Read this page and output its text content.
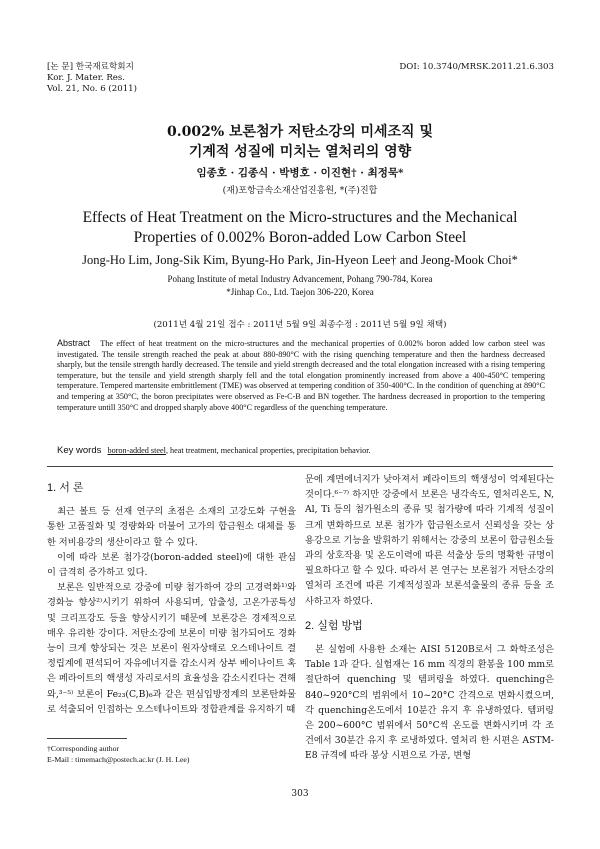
[논 문] 한국재료학회지
Kor. J. Mater. Res.
Vol. 21, No. 6 (2011)
DOI: 10.3740/MRSK.2011.21.6.303
0.002% 보론첨가 저탄소강의 미세조직 및
기계적 성질에 미치는 열처리의 영향
임종호 · 김종식 · 박병호 · 이진현† · 최정묵*
(재)포항금속소재산업진흥원, *(주)진합
Effects of Heat Treatment on the Micro-structures and the Mechanical
Properties of 0.002% Boron-added Low Carbon Steel
Jong-Ho Lim, Jong-Sik Kim, Byung-Ho Park, Jin-Hyeon Lee† and Jeong-Mook Choi*
Pohang Institute of metal Industry Advancement, Pohang 790-784, Korea
*Jinhap Co., Ltd. Taejon 306-220, Korea
(2011년 4월 21일 접수 : 2011년 5월 9일 최종수정 : 2011년 5월 9일 채택)
Abstract The effect of heat treatment on the micro-structures and the mechanical properties of 0.002% boron added low carbon steel was investigated. The tensile strength reached the peak at about 880-890°C with the rising quenching temperature and then the hardness decreased sharply, but the tensile strength hardly decreased. The tensile and yield strength decreased and the total elongation increased with a rising tempering temperature, but the tensile and yield strength sharply fell and the total elongation prominently increased from above a 400-450°C tempering temperature. Tempered martensite embrittlement (TME) was observed at tempering condition of 350-400°C. In the condition of quenching at 890°C and tempering at 350°C, the boron precipitates were observed as Fe-C-B and BN together. The hardness decreased in proportion to the tempering temperature untill 350°C and dropped sharply above 400°C regardless of the quenching temperature.
Key words boron-added steel, heat treatment, mechanical properties, precipitation behavior.
1. 서 론

최근 볼트 등 선재 연구의 초점은 소재의 고강도화 구현을 통한 고품질화 및 경량화와 더불어 고가의 합금원소 대체를 통한 저비용강의 생산이라고 할 수 있다.

이에 따라 보론 첨가강(boron-added steel)에 대한 관심이 급격히 증가하고 있다.

보론은 일반적으로 강중에 미량 첨가하여 강의 고경력화¹⁾와 경화능 향상²⁾시키기 위하여 사용되며, 압출성, 고온가공특성 및 크리프강도 등을 향상시키기 때문에 보론강은 경제적으로 매우 유리한 강이다. 저탄소강에 보론이 미량 첨가되어도 경화능이 크게 향상되는 것은 보론이 원자상태로 오스테나이트 결정립계에 편석되어 자유에너지를 감소시켜 상부 베이나이트 혹은 페라이트의 핵생성 자리로서의 효율성을 감소시킨다는 견해와,³⁻⁵⁾ 보론이 Fe₂₃(C,B)₆과 같은 편심입방정계의 보론탄화물로 석출되어 인접하는 오스테나이트와 정합관계를 유지하기 때

문에 계면에너지가 낮아져서 페라이트의 핵생성이 억제된다는 것이다.⁶⁻⁷⁾ 하지만 강중에서 보론은 냉각속도, 열처리온도, N, Al, Ti 등의 첨가원소의 종류 및 첨가량에 따라 기계적 성질이 크게 변화하므로 보론 첨가가 합금원소로서 신뢰성을 갖는 상용강으로 기능을 발휘하기 위해서는 강중의 보론이 합금원소들과의 상호작용 및 온도이력에 따른 석출상 등의 명확한 규명이 필요하다고 할 수 있다. 따라서 본 연구는 보론첨가 저탄소강의 열처리 조건에 따른 기계적성질과 보론석출물의 종류 등을 조사하고자 하였다.

2. 실험 방법

본 실험에 사용한 소재는 AISI 5120B로서 그 화학조성은 Table 1과 같다. 실험재는 16 mm 직경의 환봉을 100 mm로 절단하여 quenching 및 템퍼링을 하였다. quenching은 840~920°C의 범위에서 10~20°C 간격으로 변화시켰으며, 각 quenching온도에서 10분간 유지 후 유냉하였다. 템퍼링은 200~600°C 범위에서 50°C씩 온도를 변화시키며 각 조건에서 30분간 유지 후 로냉하였다. 열처리 한 시편은 ASTM-E8 규격에 따라 봉상 시편으로 가공, 변형

†Corresponding author
E-Mail : timemach@postech.ac.kr (J. H. Lee)
303
